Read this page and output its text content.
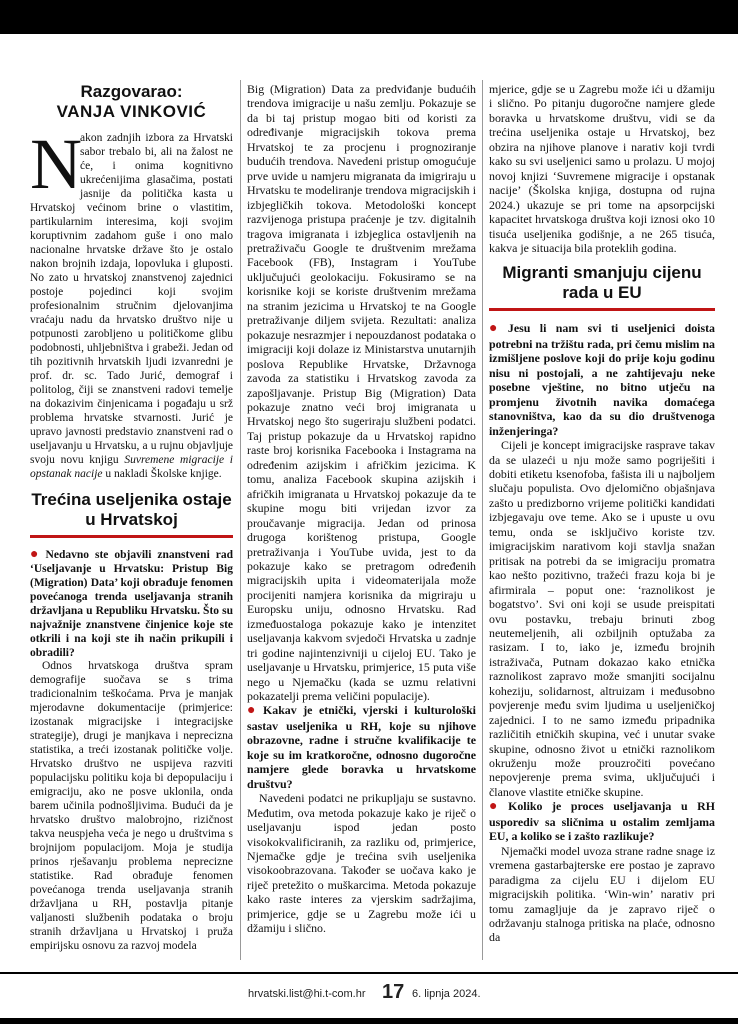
Razgovarao:
VANJA VINKOVIĆ

N
akon zadnjih izbora za Hrvatski sabor trebalo bi, ali na žalost ne će, i onima kognitivno ukrećenijima glasačima, postati jasnije da politička kasta u Hrvatskoj većinom brine o vlastitim, partikularnim interesima, koji svojim koruptivnim zadahom guše i ono malo nacionalne hrvatske države što je ostalo nakon brojnih izdaja, lopovluka i gluposti. No zato u hrvatskoj znanstvenoj zajednici postoje pojedinci koji svojim profesionalnim stručnim djelovanjima vraćaju nadu da hrvatsko društvo nije u potpunosti zarobljeno u političkome glibu podobnosti, uhljebništva i grabeži. Jedan od tih pozitivnih hrvatskih ljudi izvanredni je prof. dr. sc. Tado Jurić, demograf i politolog, čiji se znanstveni radovi temelje na dokazivim činjenicama i pogađaju u srž problema hrvatske stvarnosti. Jurić je upravo javnosti predstavio znanstveni rad o useljavanju u Hrvatsku, a u rujnu objavljuje svoju novu knjigu Suvremene migracije i opstanak nacije u nakladi Školske knjige.

Trećina useljenika ostaje u Hrvatskoj

● Nedavno ste objavili znanstveni rad ‘Useljavanje u Hrvatsku: Pristup Big (Migration) Data’ koji obrađuje fenomen povećanoga trenda useljavanja stranih državljana u Republiku Hrvatsku. Što su najvažnije znanstvene činjenice koje ste otkrili i na koji ste ih način prikupili i obradili?

Odnos hrvatskoga društva spram demografije suočava se s trima tradicionalnim teškoćama. Prva je manjak mjerodavne dokumentacije (primjerice: izostanak migracijske i integracijske strategije), drugi je manjkava i neprecizna statistika, a treći izostanak političke volje. Hrvatsko društvo ne uspijeva razviti populacijsku politiku koja bi depopulaciju i emigraciju, ako ne posve uklonila, onda barem učinila podnošljivima. Budući da je hrvatsko društvo malobrojno, rizičnost takva neuspjeha veća je nego u društvima s brojnijom populacijom. Moja je studija prinos rješavanju problema neprecizne statistike. Rad obrađuje fenomen povećanoga trenda useljavanja stranih državljana u RH, postavlja pitanje valjanosti službenih podataka o broju stranih državljana u Hrvatskoj i pruža empirijsku osnovu za razvoj modela

Big (Migration) Data za predviđanje budućih trendova imigracije u našu zemlju. Pokazuje se da bi taj pristup mogao biti od koristi za određivanje migracijskih tokova prema Hrvatskoj te za procjenu i prognoziranje budućih trendova. Navedeni pristup omogućuje prve uvide u namjeru migranata da imigriraju u Hrvatsku te modeliranje trendova migracijskih i izbjegličkih tokova. Metodološki koncept razvijenoga pristupa praćenje je tzv. digitalnih tragova imigranata i izbjeglica ostavljenih na pretraživaču Google te društvenim mrežama Facebook (FB), Instagram i YouTube uključujući geolokaciju. Fokusiramo se na korisnike koji se koriste društvenim mrežama na stranim jezicima u Hrvatskoj te na Google pretraživanje diljem svijeta. Rezultati: analiza pokazuje nesrazmjer i nepouzdanost podataka o imigraciji koji dolaze iz Ministarstva unutarnjih poslova Republike Hrvatske, Državnoga zavoda za statistiku i Hrvatskog zavoda za zapošljavanje. Pristup Big (Migration) Data pokazuje znatno veći broj imigranata u Hrvatskoj nego što sugeriraju službeni podatci. Taj pristup pokazuje da u Hrvatskoj rapidno raste broj korisnika Facebooka i Instagrama na određenim azijskim i afričkim jezicima. K tomu, analiza Facebook skupina azijskih i afričkih imigranata u Hrvatskoj pokazuje da te skupine mogu biti vrijedan izvor za proučavanje migracija. Jedan od prinosa drugoga korištenog pristupa, Google pretraživanja i YouTube uvida, jest to da pokazuje kako se pretragom određenih migracijskih upita i videomaterijala može procijeniti namjera korisnika da migriraju u Europsku uniju, odnosno Hrvatsku. Rad izmeđuostaloga pokazuje kako je intenzitet useljavanja kakvom svjedoči Hrvatska u zadnje tri godine najintenzivniji u cijeloj EU. Tako je useljavanje u Hrvatsku, primjerice, 15 puta više nego u Njemačku (kada se uzmu relativni pokazatelji prema veličini populacije).

● Kakav je etnički, vjerski i kulturološki sastav useljenika u RH, koje su njihove obrazovne, radne i stručne kvalifikacije te koje su im kratkoročne, odnosno dugoročne namjere glede boravka u hrvatskome društvu?

Navedeni podatci ne prikupljaju se sustavno. Međutim, ova metoda pokazuje kako je riječ o useljavanju ispod jedan posto visokokvalificiranih, za razliku od, primjerice, Njemačke gdje je trećina svih useljenika visokoobrazovana. Također se uočava kako je riječ pretežito o muškarcima. Metoda pokazuje kako raste interes za vjerskim sadržajima, primjerice, gdje se u Zagrebu može ići u džamiju i slično.

mjerice, gdje se u Zagrebu može ići u džamiju i slično. Po pitanju dugoročne namjere glede boravka u hrvatskome društvu, vidi se da trećina useljenika ostaje u Hrvatskoj, bez obzira na njihove planove i narativ koji tvrdi kako su svi useljenici samo u prolazu. U mojoj novoj knjizi ‘Suvremene migracije i opstanak nacije’ (Školska knjiga, dostupna od rujna 2024.) ukazuje se pri tome na apsorpcijski kapacitet hrvatskoga društva koji iznosi oko 10 tisuća useljenika godišnje, a ne 265 tisuća, kakva je situacija bila proteklih godina.

Migranti smanjuju cijenu rada u EU

● Jesu li nam svi ti useljenici doista potrebni na tržištu rada, pri čemu mislim na izmišljene poslove koji do prije koju godinu nisu ni postojali, a ne zahtijevaju neke posebne vještine, no bitno utječu na promjenu životnih navika domaćega stanovništva, kao da su dio društvenoga inženjeringa?

Cijeli je koncept imigracijske rasprave takav da se ulazeći u nju može samo pogriješiti i dobiti etiketu ksenofoba, fašista ili u najboljem slučaju populista. Ovo djelomično objašnjava zašto u predizborno vrijeme politički kandidati izbjegavaju ove teme. Ako se i upuste u ovu temu, onda se isključivo koriste tzv. imigracijskim narativom koji stavlja snažan pritisak na potrebi da se imigraciju promatra kao nešto pozitivno, tražeći frazu koja bi je afirmirala – poput one: ‘raznolikost je bogatstvo’. Svi oni koji se usude preispitati ovu postavku, trebaju brinuti zbog neutemeljenih, ali ozbiljnih optužaba za rasizam. I to, iako je, između brojnih istraživača, Putnam dokazao kako etnička raznolikost zapravo može smanjiti socijalnu koheziju, solidarnost, altruizam i međusobno povjerenje među svim ljudima u useljeničkoj zajednici. I to ne samo između pripadnika različitih etničkih skupina, već i unutar svake skupine, odnosno život u etnički raznolikom okruženju može prouzročiti povećano nepovjerenje prema svima, uključujući i članove vlastite etničke skupine.

● Koliko je proces useljavanja u RH usporediv sa sličnima u ostalim zemljama EU, a koliko se i zašto razlikuje?

Njemački model uvoza strane radne snage iz vremena gastarbajterske ere postao je zapravo paradigma za cijelu EU i dijelom EU migracijskih politika. ‘Win-win’ narativ pri tomu zamagljuje da je zapravo riječ o održavanju stalnoga pritiska na plaće, odnosno da

hrvatski.list@hi.t-com.hr 17 6. lipnja 2024.
